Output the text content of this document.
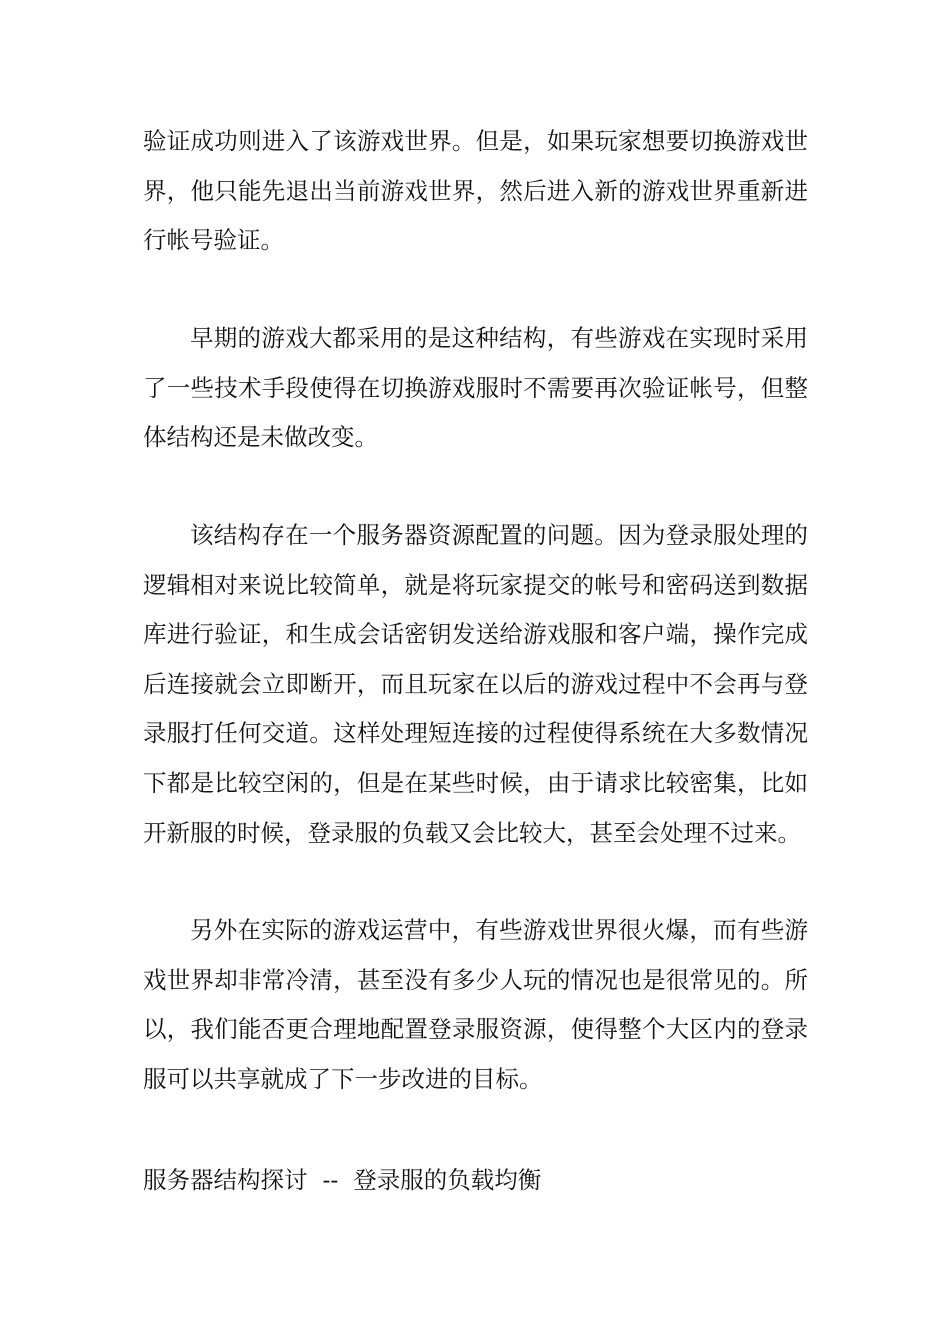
验证成功则进入了该游戏世界。但是，如果玩家想要切换游戏世
界，他只能先退出当前游戏世界，然后进入新的游戏世界重新进
行帐号验证。
早期的游戏大都采用的是这种结构，有些游戏在实现时采用
了一些技术手段使得在切换游戏服时不需要再次验证帐号，但整
体结构还是未做改变。
该结构存在一个服务器资源配置的问题。因为登录服处理的
逻辑相对来说比较简单，就是将玩家提交的帐号和密码送到数据
库进行验证，和生成会话密钥发送给游戏服和客户端，操作完成
后连接就会立即断开，而且玩家在以后的游戏过程中不会再与登
录服打任何交道。这样处理短连接的过程使得系统在大多数情况
下都是比较空闲的，但是在某些时候，由于请求比较密集，比如
开新服的时候，登录服的负载又会比较大，甚至会处理不过来。
另外在实际的游戏运营中，有些游戏世界很火爆，而有些游
戏世界却非常冷清，甚至没有多少人玩的情况也是很常见的。所
以，我们能否更合理地配置登录服资源，使得整个大区内的登录
服可以共享就成了下一步改进的目标。
服务器结构探讨  --  登录服的负载均衡
